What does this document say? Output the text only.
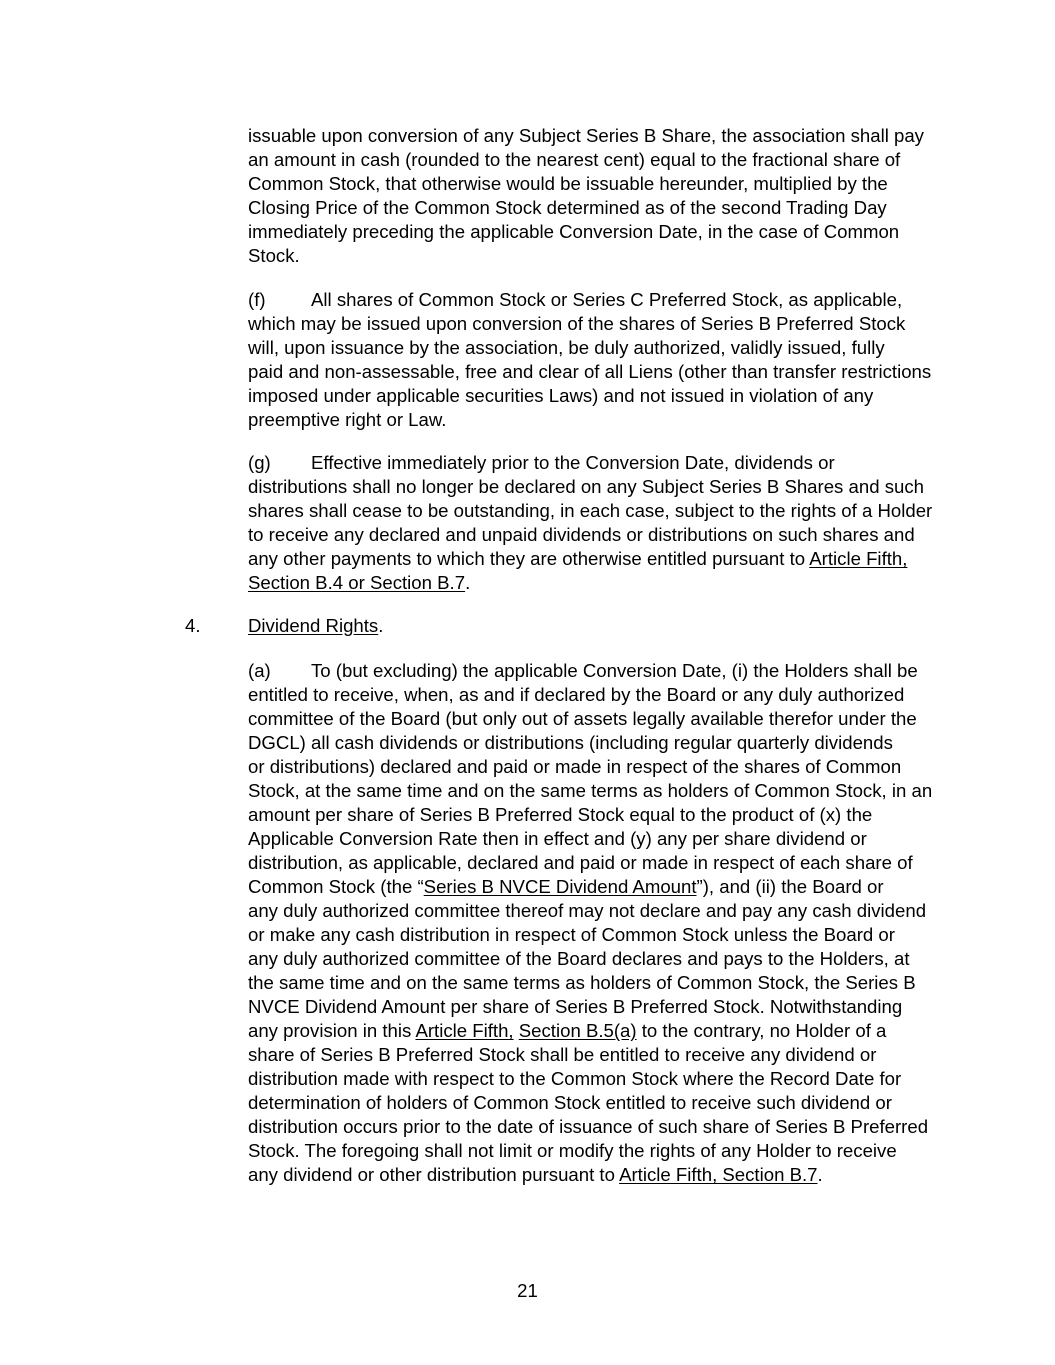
issuable upon conversion of any Subject Series B Share, the association shall pay
an amount in cash (rounded to the nearest cent) equal to the fractional share of
Common Stock, that otherwise would be issuable hereunder, multiplied by the
Closing Price of the Common Stock determined as of the second Trading Day
immediately preceding the applicable Conversion Date, in the case of Common
Stock.
(f) All shares of Common Stock or Series C Preferred Stock, as applicable,
which may be issued upon conversion of the shares of Series B Preferred Stock
will, upon issuance by the association, be duly authorized, validly issued, fully
paid and non-assessable, free and clear of all Liens (other than transfer restrictions
imposed under applicable securities Laws) and not issued in violation of any
preemptive right or Law.
(g) Effective immediately prior to the Conversion Date, dividends or
distributions shall no longer be declared on any Subject Series B Shares and such
shares shall cease to be outstanding, in each case, subject to the rights of a Holder
to receive any declared and unpaid dividends or distributions on such shares and
any other payments to which they are otherwise entitled pursuant to Article Fifth,
Section B.4 or Section B.7.
4.	Dividend Rights.
(a) To (but excluding) the applicable Conversion Date, (i) the Holders shall be
entitled to receive, when, as and if declared by the Board or any duly authorized
committee of the Board (but only out of assets legally available therefor under the
DGCL) all cash dividends or distributions (including regular quarterly dividends
or distributions) declared and paid or made in respect of the shares of Common
Stock, at the same time and on the same terms as holders of Common Stock, in an
amount per share of Series B Preferred Stock equal to the product of (x) the
Applicable Conversion Rate then in effect and (y) any per share dividend or
distribution, as applicable, declared and paid or made in respect of each share of
Common Stock (the “Series B NVCE Dividend Amount”), and (ii) the Board or
any duly authorized committee thereof may not declare and pay any cash dividend
or make any cash distribution in respect of Common Stock unless the Board or
any duly authorized committee of the Board declares and pays to the Holders, at
the same time and on the same terms as holders of Common Stock, the Series B
NVCE Dividend Amount per share of Series B Preferred Stock. Notwithstanding
any provision in this Article Fifth, Section B.5(a) to the contrary, no Holder of a
share of Series B Preferred Stock shall be entitled to receive any dividend or
distribution made with respect to the Common Stock where the Record Date for
determination of holders of Common Stock entitled to receive such dividend or
distribution occurs prior to the date of issuance of such share of Series B Preferred
Stock. The foregoing shall not limit or modify the rights of any Holder to receive
any dividend or other distribution pursuant to Article Fifth, Section B.7.
21
